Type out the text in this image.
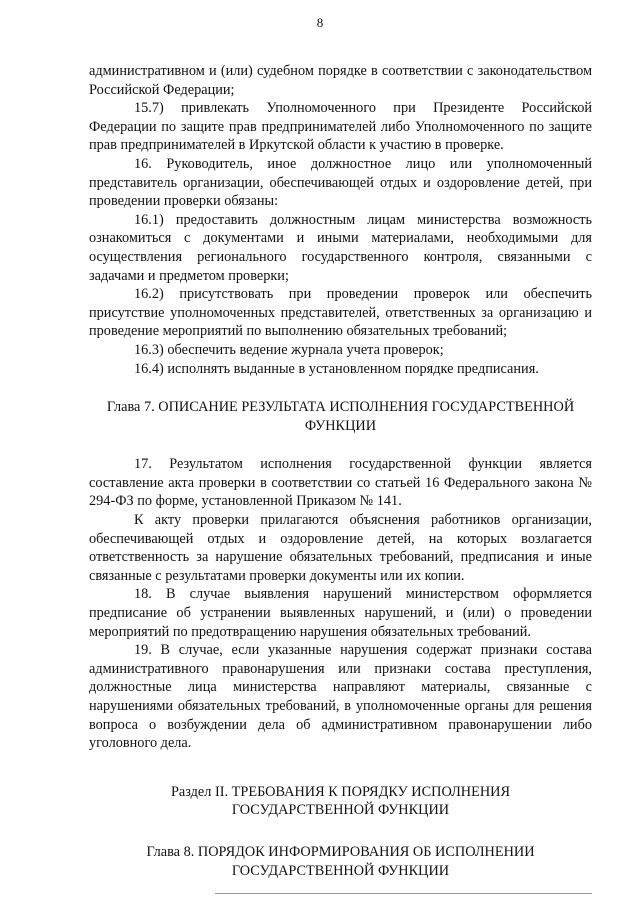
8

административном и (или) судебном порядке в соответствии с законодательством Российской Федерации;

15.7) привлекать Уполномоченного при Президенте Российской Федерации по защите прав предпринимателей либо Уполномоченного по защите прав предпринимателей в Иркутской области к участию в проверке.

16. Руководитель, иное должностное лицо или уполномоченный представитель организации, обеспечивающей отдых и оздоровление детей, при проведении проверки обязаны:

16.1) предоставить должностным лицам министерства возможность ознакомиться с документами и иными материалами, необходимыми для осуществления регионального государственного контроля, связанными с задачами и предметом проверки;

16.2) присутствовать при проведении проверок или обеспечить присутствие уполномоченных представителей, ответственных за организацию и проведение мероприятий по выполнению обязательных требований;

16.3) обеспечить ведение журнала учета проверок;

16.4) исполнять выданные в установленном порядке предписания.

Глава 7. ОПИСАНИЕ РЕЗУЛЬТАТА ИСПОЛНЕНИЯ ГОСУДАРСТВЕННОЙ

ФУНКЦИИ

17. Результатом исполнения государственной функции является составление акта проверки в соответствии со статьей 16 Федерального закона № 294-ФЗ по форме, установленной Приказом № 141.

К акту проверки прилагаются объяснения работников организации, обеспечивающей отдых и оздоровление детей, на которых возлагается ответственность за нарушение обязательных требований, предписания и иные связанные с результатами проверки документы или их копии.

18. В случае выявления нарушений министерством оформляется предписание об устранении выявленных нарушений, и (или) о проведении мероприятий по предотвращению нарушения обязательных требований.

19. В случае, если указанные нарушения содержат признаки состава административного правонарушения или признаки состава преступления, должностные лица министерства направляют материалы, связанные с нарушениями обязательных требований, в уполномоченные органы для решения вопроса о возбуждении дела об административном правонарушении либо уголовного дела.

Раздел II. ТРЕБОВАНИЯ К ПОРЯДКУ ИСПОЛНЕНИЯ

ГОСУДАРСТВЕННОЙ ФУНКЦИИ

Глава 8. ПОРЯДОК ИНФОРМИРОВАНИЯ ОБ ИСПОЛНЕНИИ

ГОСУДАРСТВЕННОЙ ФУНКЦИИ
